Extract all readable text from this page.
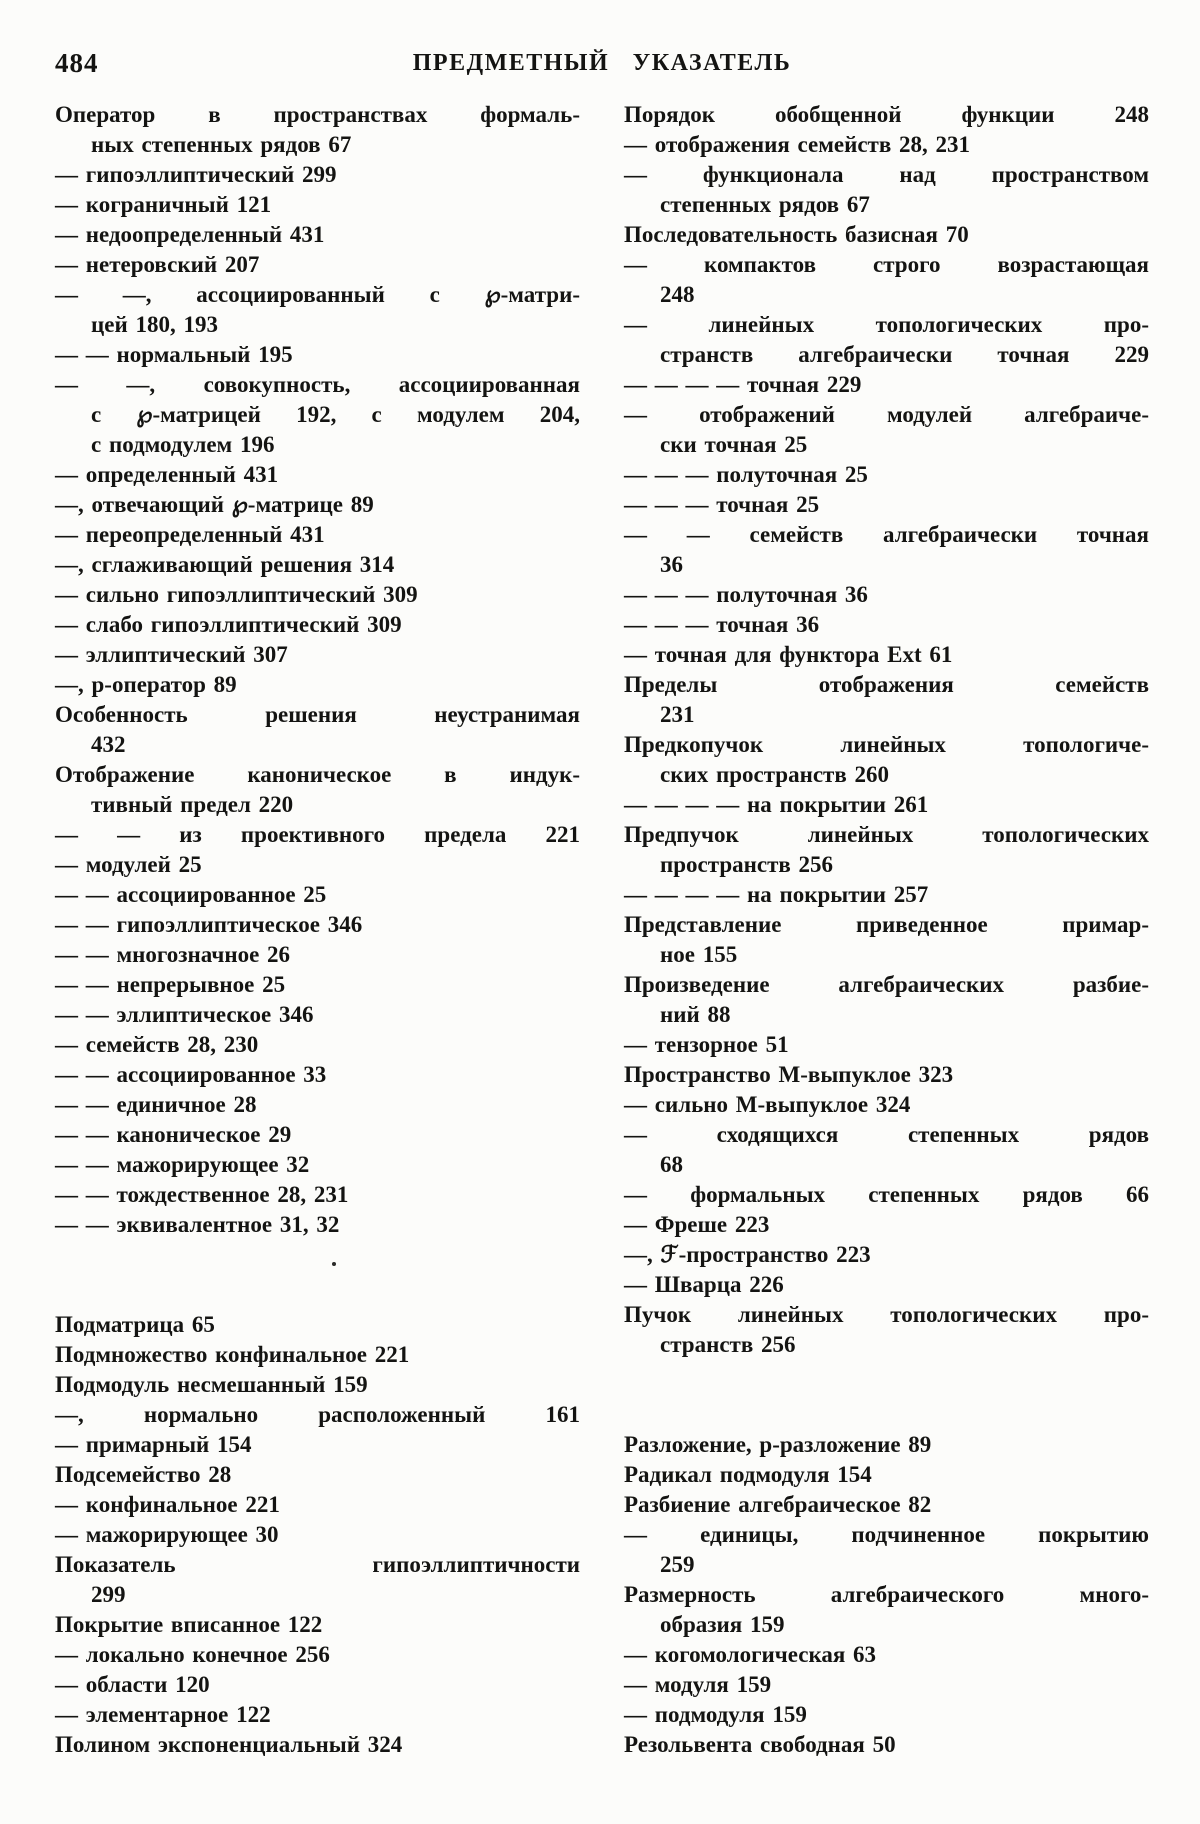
484	ПРЕДМЕТНЫЙ УКАЗАТЕЛЬ
Оператор в пространствах формаль-
ных степенных рядов 67
— гипоэллиптический 299
— кограничный 121
— недоопределенный 431
— нетеровский 207
— —, ассоциированный с ℘-матри-
цей 180, 193
— — нормальный 195
— —, совокупность, ассоциированная
с ℘-матрицей 192, с модулем 204,
с подмодулем 196
— определенный 431
—, отвечающий ℘-матрице 89
— переопределенный 431
—, сглаживающий решения 314
— сильно гипоэллиптический 309
— слабо гипоэллиптический 309
— эллиптический 307
—, p-оператор 89
Особенность решения неустранимая
432
Отображение каноническое в индук-
тивный предел 220
— — из проективного предела 221
— модулей 25
— — ассоциированное 25
— — гипоэллиптическое 346
— — многозначное 26
— — непрерывное 25
— — эллиптическое 346
— семейств 28, 230
— — ассоциированное 33
— — единичное 28
— — каноническое 29
— — мажорирующее 32
— — тождественное 28, 231
— — эквивалентное 31, 32
Подматрица 65
Подмножество конфинальное 221
Подмодуль несмешанный 159
—, нормально расположенный 161
— примарный 154
Подсемейство 28
— конфинальное 221
— мажорирующее 30
Показатель гипоэллиптичности
299
Покрытие вписанное 122
— локально конечное 256
— области 120
— элементарное 122
Полином экспоненциальный 324
Порядок обобщенной функции 248
— отображения семейств 28, 231
— функционала над пространством
степенных рядов 67
Последовательность базисная 70
— компактов строго возрастающая
248
— линейных топологических про-
странств алгебраически точная 229
— — — — точная 229
— отображений модулей алгебраиче-
ски точная 25
— — — полуточная 25
— — — точная 25
— — семейств алгебраически точная
36
— — — полуточная 36
— — — точная 36
— точная для функтора Ext 61
Пределы отображения семейств
231
Предкопучок линейных топологиче-
ских пространств 260
— — — — на покрытии 261
Предпучок линейных топологических
пространств 256
— — — — на покрытии 257
Представление приведенное примар-
ное 155
Произведение алгебраических разбие-
ний 88
— тензорное 51
Пространство M-выпуклое 323
— сильно M-выпуклое 324
— сходящихся степенных рядов
68
— формальных степенных рядов 66
— Фреше 223
—, ℱ-пространство 223
— Шварца 226
Пучок линейных топологических про-
странств 256
Разложение, p-разложение 89
Радикал подмодуля 154
Разбиение алгебраическое 82
— единицы, подчиненное покрытию
259
Размерность алгебраического много-
образия 159
— когомологическая 63
— модуля 159
— подмодуля 159
Резольвента свободная 50
